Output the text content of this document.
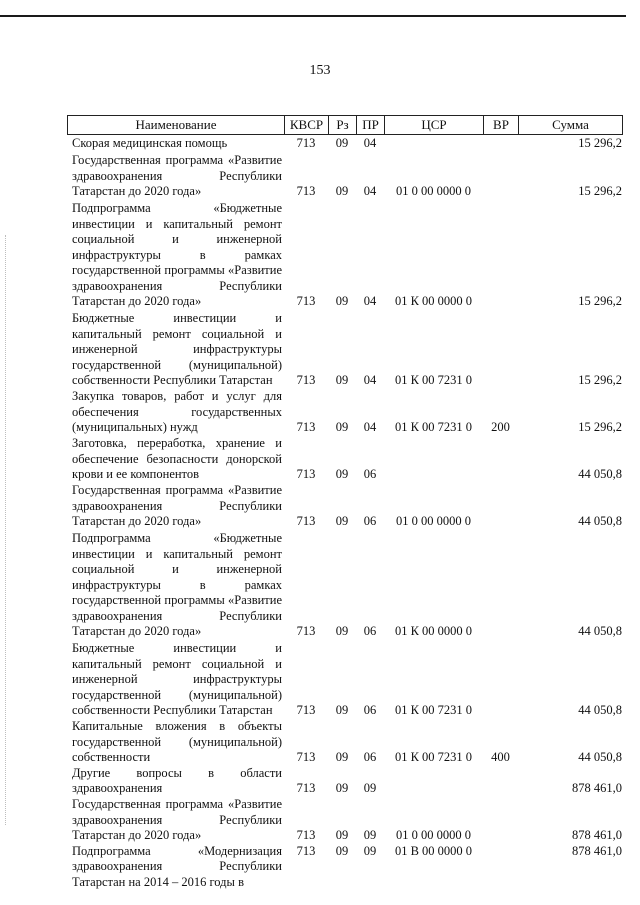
153
Наименование	КВСР	Рз	ПР	ЦСР	ВР	Сумма
Скорая медицинская помощь	713	09	04			15 296,2
Государственная программа «Развитие здравоохранения Республики Татарстан до 2020 года»	713	09	04	01 0 00 0000 0		15 296,2
Подпрограмма «Бюджетные инвестиции и капитальный ремонт социальной и инженерной инфраструктуры в рамках государственной программы «Развитие здравоохранения Республики Татарстан до 2020 года»	713	09	04	01 К 00 0000 0		15 296,2
Бюджетные инвестиции и капитальный ремонт социальной и инженерной инфраструктуры государственной (муниципальной) собственности Республики Татарстан	713	09	04	01 К 00 7231 0		15 296,2
Закупка товаров, работ и услуг для обеспечения государственных (муниципальных) нужд	713	09	04	01 К 00 7231 0	200	15 296,2
Заготовка, переработка, хранение и обеспечение безопасности донорской крови и ее компонентов	713	09	06			44 050,8
Государственная программа «Развитие здравоохранения Республики Татарстан до 2020 года»	713	09	06	01 0 00 0000 0		44 050,8
Подпрограмма «Бюджетные инвестиции и капитальный ремонт социальной и инженерной инфраструктуры в рамках государственной программы «Развитие здравоохранения Республики Татарстан до 2020 года»	713	09	06	01 К 00 0000 0		44 050,8
Бюджетные инвестиции и капитальный ремонт социальной и инженерной инфраструктуры государственной (муниципальной) собственности Республики Татарстан	713	09	06	01 К 00 7231 0		44 050,8
Капитальные вложения в объекты государственной (муниципальной) собственности	713	09	06	01 К 00 7231 0	400	44 050,8
Другие вопросы в области здравоохранения	713	09	09			878 461,0
Государственная программа «Развитие здравоохранения Республики Татарстан до 2020 года»	713	09	09	01 0 00 0000 0		878 461,0
Подпрограмма «Модернизация здравоохранения Республики Татарстан на 2014 – 2016 годы в	713	09	09	01 В 00 0000 0		878 461,0
